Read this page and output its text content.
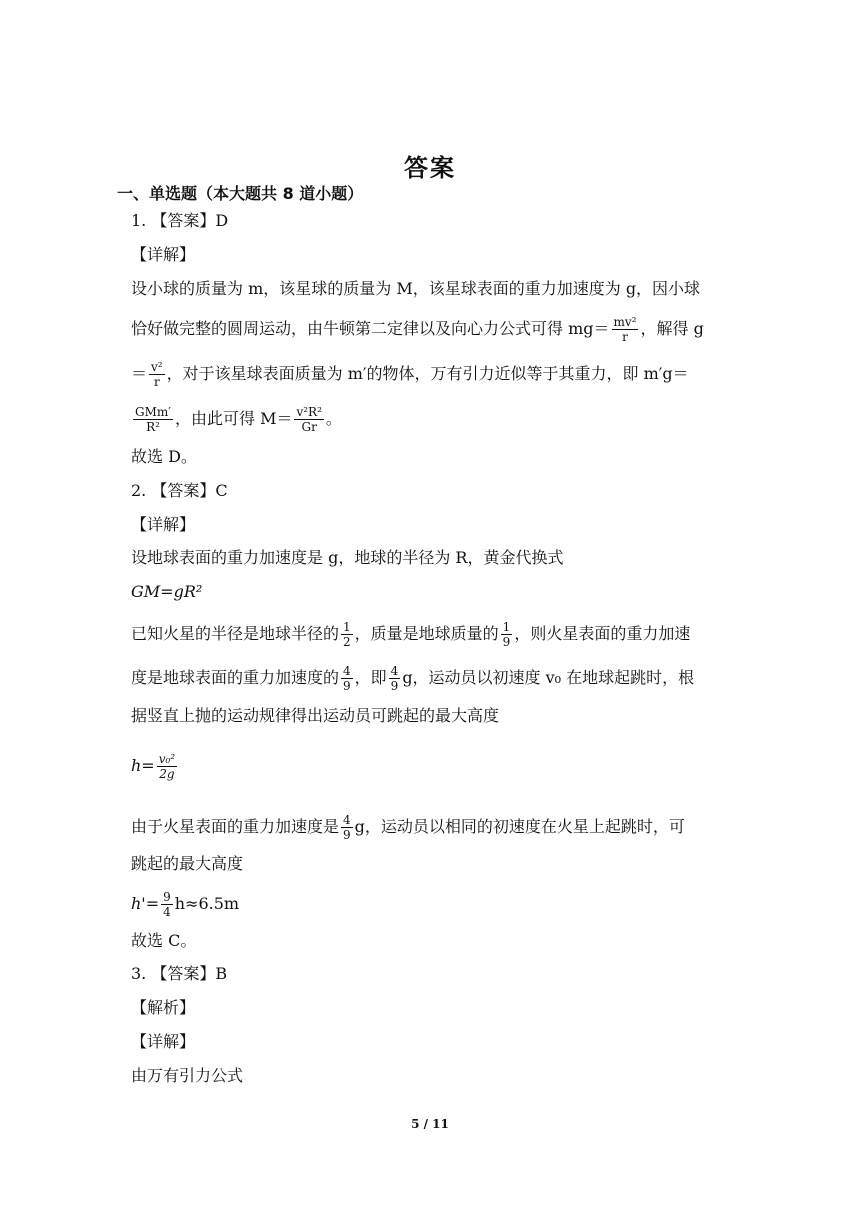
答案
一、单选题（本大题共 8 道小题）
1. 【答案】D
【详解】
设小球的质量为 m，该星球的质量为 M，该星球表面的重力加速度为 g，因小球
恰好做完整的圆周运动，由牛顿第二定律以及向心力公式可得 $mg= \frac{\text{mv²}}{r}$ ，解得 g
＝ $\frac{\text{v²}}{r}$ ，对于该星球表面质量为 m′的物体，万有引力近似等于其重力，即 m′g＝
$\frac{\text{GMm′}}{\text{R²}}$ ，由此可得 $M= \frac{\text{v²R²}}{Gr}$ 。
故选 D。
2. 【答案】C
【详解】
设地球表面的重力加速度是 g，地球的半径为 R，黄金代换式
GM=gR²
已知火星的半径是地球半径的 $\frac{1}{2}$ ，质量是地球质量的 $\frac{1}{9}$ ，则火星表面的重力加速
度是地球表面的重力加速度的 $\frac{4}{9}$ ，即 $\frac{4}{9}$ g，运动员以初速度 v₀ 在地球起跳时，根
据竖直上抛的运动规律得出运动员可跳起的最大高度
$h= \frac{\text{v₀²}}{2g}$
由于火星表面的重力加速度是 $\frac{4}{9}$ g，运动员以相同的初速度在火星上起跳时，可
跳起的最大高度
$h'= \frac{9}{4} h\approx 6.5m$
故选 C。
3. 【答案】B
【解析】
【详解】
由万有引力公式
5 / 11
